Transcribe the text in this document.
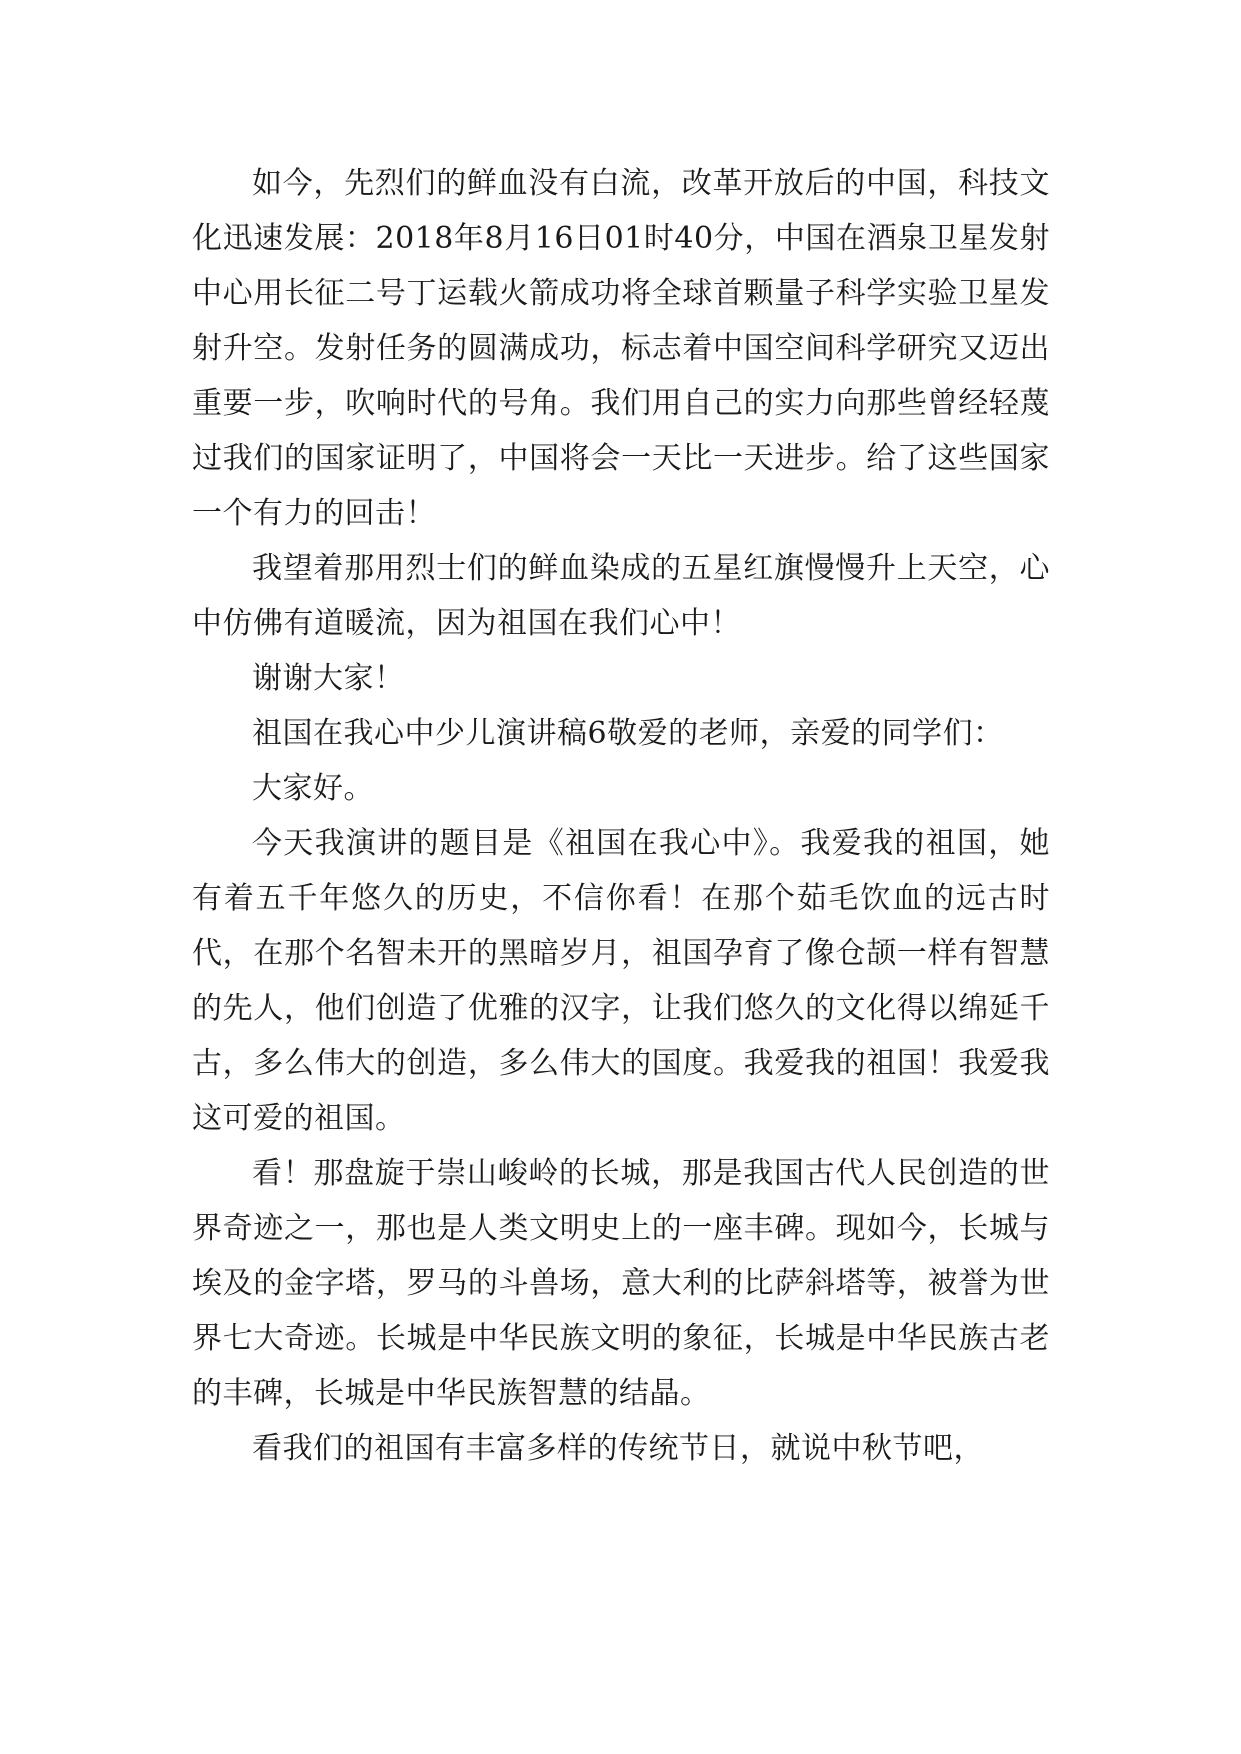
如今，先烈们的鲜血没有白流，改革开放后的中国，科技文化迅速发展：2018年8月16日01时40分，中国在酒泉卫星发射中心用长征二号丁运载火箭成功将全球首颗量子科学实验卫星发射升空。发射任务的圆满成功，标志着中国空间科学研究又迈出重要一步，吹响时代的号角。我们用自己的实力向那些曾经轻蔑过我们的国家证明了，中国将会一天比一天进步。给了这些国家一个有力的回击！

我望着那用烈士们的鲜血染成的五星红旗慢慢升上天空，心中仿佛有道暖流，因为祖国在我们心中！

谢谢大家！

祖国在我心中少儿演讲稿6敬爱的老师，亲爱的同学们：

大家好。

今天我演讲的题目是《祖国在我心中》。我爱我的祖国，她有着五千年悠久的历史，不信你看！在那个茹毛饮血的远古时代，在那个名智未开的黑暗岁月，祖国孕育了像仓颉一样有智慧的先人，他们创造了优雅的汉字，让我们悠久的文化得以绵延千古，多么伟大的创造，多么伟大的国度。我爱我的祖国！我爱我这可爱的祖国。

看！那盘旋于崇山峻岭的长城，那是我国古代人民创造的世界奇迹之一，那也是人类文明史上的一座丰碑。现如今，长城与埃及的金字塔，罗马的斗兽场，意大利的比萨斜塔等，被誉为世界七大奇迹。长城是中华民族文明的象征，长城是中华民族古老的丰碑，长城是中华民族智慧的结晶。

看我们的祖国有丰富多样的传统节日，就说中秋节吧，
